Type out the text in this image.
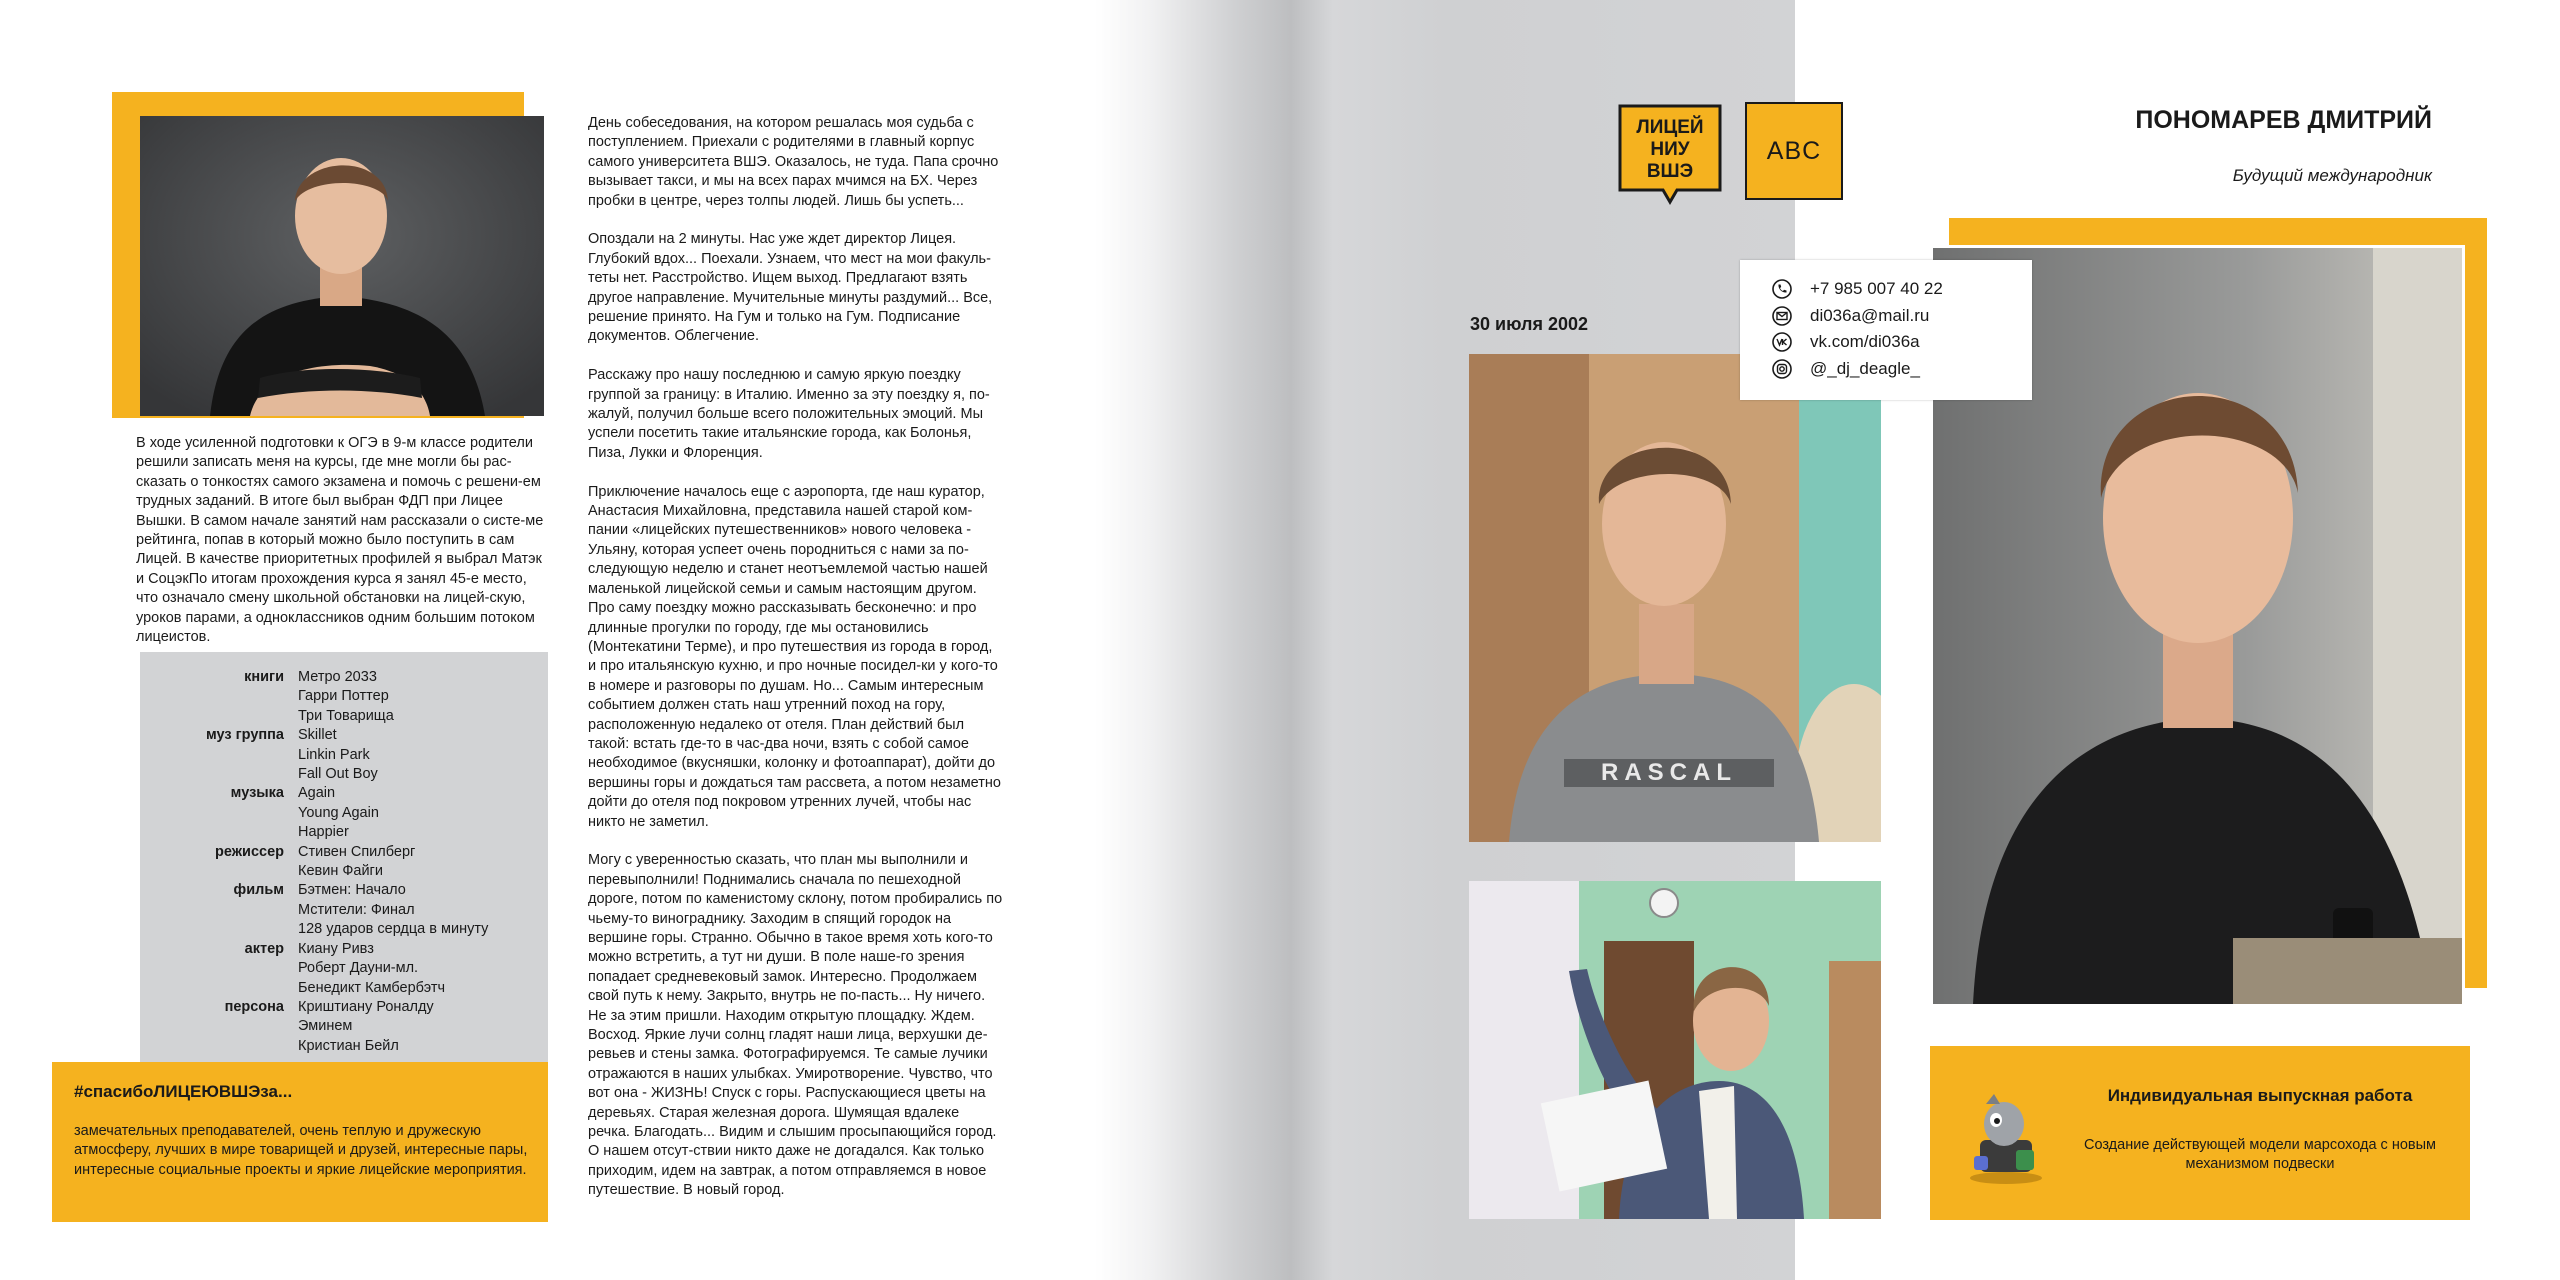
В ходе усиленной подготовки к ОГЭ в 9-м классе родители решили записать меня на курсы, где мне могли бы рас-сказать о тонкостях самого экзамена и помочь с решени-ем трудных заданий. В итоге был выбран ФДП при Лицее Вышки. В самом начале занятий нам рассказали о систе-ме рейтинга, попав в который можно было поступить в сам Лицей. В качестве приоритетных профилей я выбрал Матэк и СоцэкПо итогам прохождения курса я занял 45-е место, что означало смену школьной обстановки на лицей-скую, уроков парами, а одноклассников одним большим потоком лицеистов.
книги Метро 2033
Гарри Поттер
Три Товарища
муз группа Skillet
Linkin Park
Fall Out Boy
музыка Again
Young Again
Happier
режиссер Стивен Спилберг
Кевин Файги
фильм Бэтмен: Начало
Мстители: Финал
128 ударов сердца в минуту
актер Киану Ривз
Роберт Дауни-мл.
Бенедикт Камбербэтч
персона Криштиану Роналду
Эминем
Кристиан Бейл
#спасибоЛИЦЕЮВШЭза...
замечательных преподавателей, очень теплую и дружескую атмосферу, лучших в мире товарищей и друзей, интересные пары, интересные социальные проекты и яркие лицейские мероприятия.

День собеседования, на котором решалась моя судьба с поступлением. Приехали с родителями в главный корпус самого университета ВШЭ. Оказалось, не туда. Папа срочно вызывает такси, и мы на всех парах мчимся на БХ. Через пробки в центре, через толпы людей. Лишь бы успеть...

Опоздали на 2 минуты. Нас уже ждет директор Лицея. Глубокий вдох... Поехали. Узнаем, что мест на мои факуль-теты нет. Расстройство. Ищем выход. Предлагают взять другое направление. Мучительные минуты раздумий... Все, решение принято. На Гум и только на Гум. Подписание документов. Облегчение.

Расскажу про нашу последнюю и самую яркую поездку группой за границу: в Италию. Именно за эту поездку я, по-жалуй, получил больше всего положительных эмоций. Мы успели посетить такие итальянские города, как Болонья, Пиза, Лукки и Флоренция.

Приключение началось еще с аэропорта, где наш куратор, Анастасия Михайловна, представила нашей старой ком-пании «лицейских путешественников» нового человека - Ульяну, которая успеет очень породниться с нами за по-следующую неделю и станет неотъемлемой частью нашей маленькой лицейской семьи и самым настоящим другом. Про саму поездку можно рассказывать бесконечно: и про длинные прогулки по городу, где мы остановились (Монтекатини Терме), и про путешествия из города в город, и про итальянскую кухню, и про ночные посидел-ки у кого-то в номере и разговоры по душам. Но... Самым интересным событием должен стать наш утренний поход на гору, расположенную недалеко от отеля. План действий был такой: встать где-то в час-два ночи, взять с собой самое необходимое (вкусняшки, колонку и фотоаппарат), дойти до вершины горы и дождаться там рассвета, а потом незаметно дойти до отеля под покровом утренних лучей, чтобы нас никто не заметил.

Могу с уверенностью сказать, что план мы выполнили и перевыполнили! Поднимались сначала по пешеходной дороге, потом по каменистому склону, потом пробирались по чьему-то винограднику. Заходим в спящий городок на вершине горы. Странно. Обычно в такое время хоть кого-то можно встретить, а тут ни души. В поле наше-го зрения попадает средневековый замок. Интересно. Продолжаем свой путь к нему. Закрыто, внутрь не по-пасть... Ну ничего. Не за этим пришли. Находим открытую площадку. Ждем. Восход. Яркие лучи солнц гладят наши лица, верхушки де-ревьев и стены замка. Фотографируемся. Те самые лучики отражаются в наших улыбках. Умиротворение. Чувство, что вот она - ЖИЗНЬ! Спуск с горы. Распускающиеся цветы на деревьях. Старая железная дорога. Шумящая вдалеке речка. Благодать... Видим и слышим просыпающийся город. О нашем отсут-ствии никто даже не догадался. Как только приходим, идем на завтрак, а потом отправляемся в новое путешествие. В новый город.

ЛИЦЕЙ
НИУ
ВШЭ
ABC
ПОНОМАРЕВ ДМИТРИЙ
Будущий международник
30 июля 2002
RASCAL
+7 985 007 40 22
di036a@mail.ru
vk.com/di036a
@_dj_deagle_
Индивидуальная выпускная работа
Создание действующей модели марсохода с новым механизмом подвески
